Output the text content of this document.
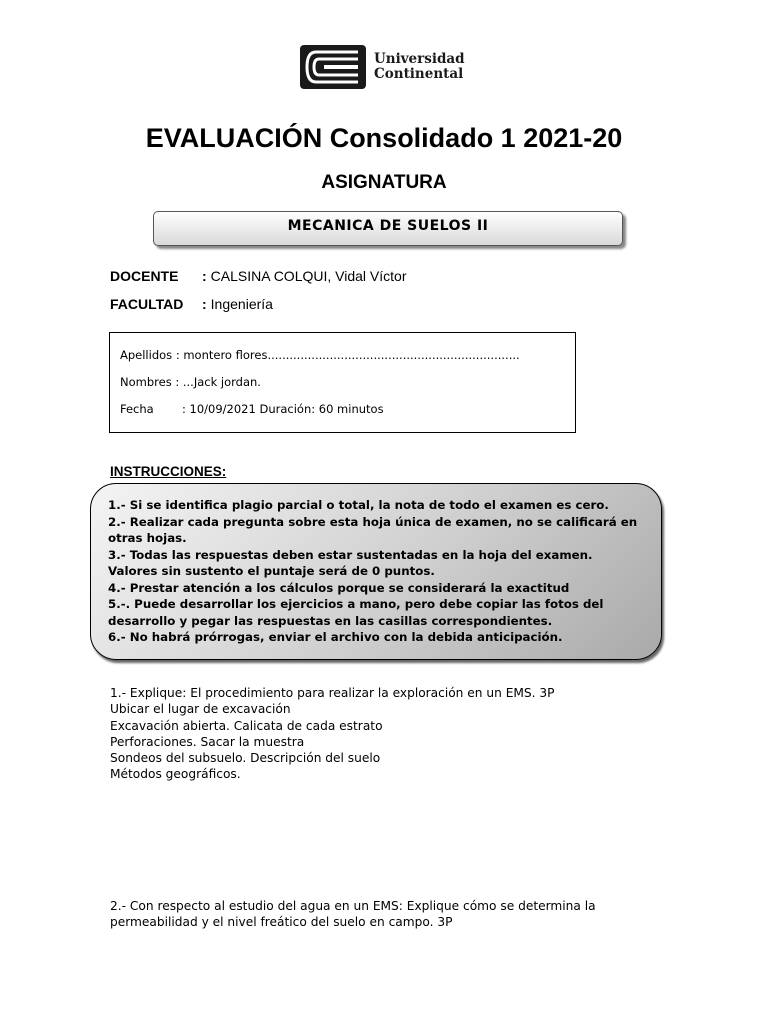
Universidad
Continental
EVALUACIÓN Consolidado 1 2021-20
ASIGNATURA
MECANICA DE SUELOS II
DOCENTE : CALSINA COLQUI, Vidal Víctor
FACULTAD : Ingeniería
Apellidos : montero flores.....................................................................
Nombres : ...Jack jordan.
Fecha : 10/09/2021 Duración: 60 minutos
INSTRUCCIONES:

1.- Si se identifica plagio parcial o total, la nota de todo el examen es cero.

2.- Realizar cada pregunta sobre esta hoja única de examen, no se calificará en otras hojas.

3.- Todas las respuestas deben estar sustentadas en la hoja del examen. Valores sin sustento el puntaje será de 0 puntos.

4.- Prestar atención a los cálculos porque se considerará la exactitud

5.-. Puede desarrollar los ejercicios a mano, pero debe copiar las fotos del desarrollo y pegar las respuestas en las casillas correspondientes.

6.- No habrá prórrogas, enviar el archivo con la debida anticipación.

1.- Explique: El procedimiento para realizar la exploración en un EMS. 3P

Ubicar el lugar de excavación

Excavación abierta. Calicata de cada estrato

Perforaciones. Sacar la muestra

Sondeos del subsuelo. Descripción del suelo

Métodos geográficos.

2.- Con respecto al estudio del agua en un EMS: Explique cómo se determina la permeabilidad y el nivel freático del suelo en campo. 3P
